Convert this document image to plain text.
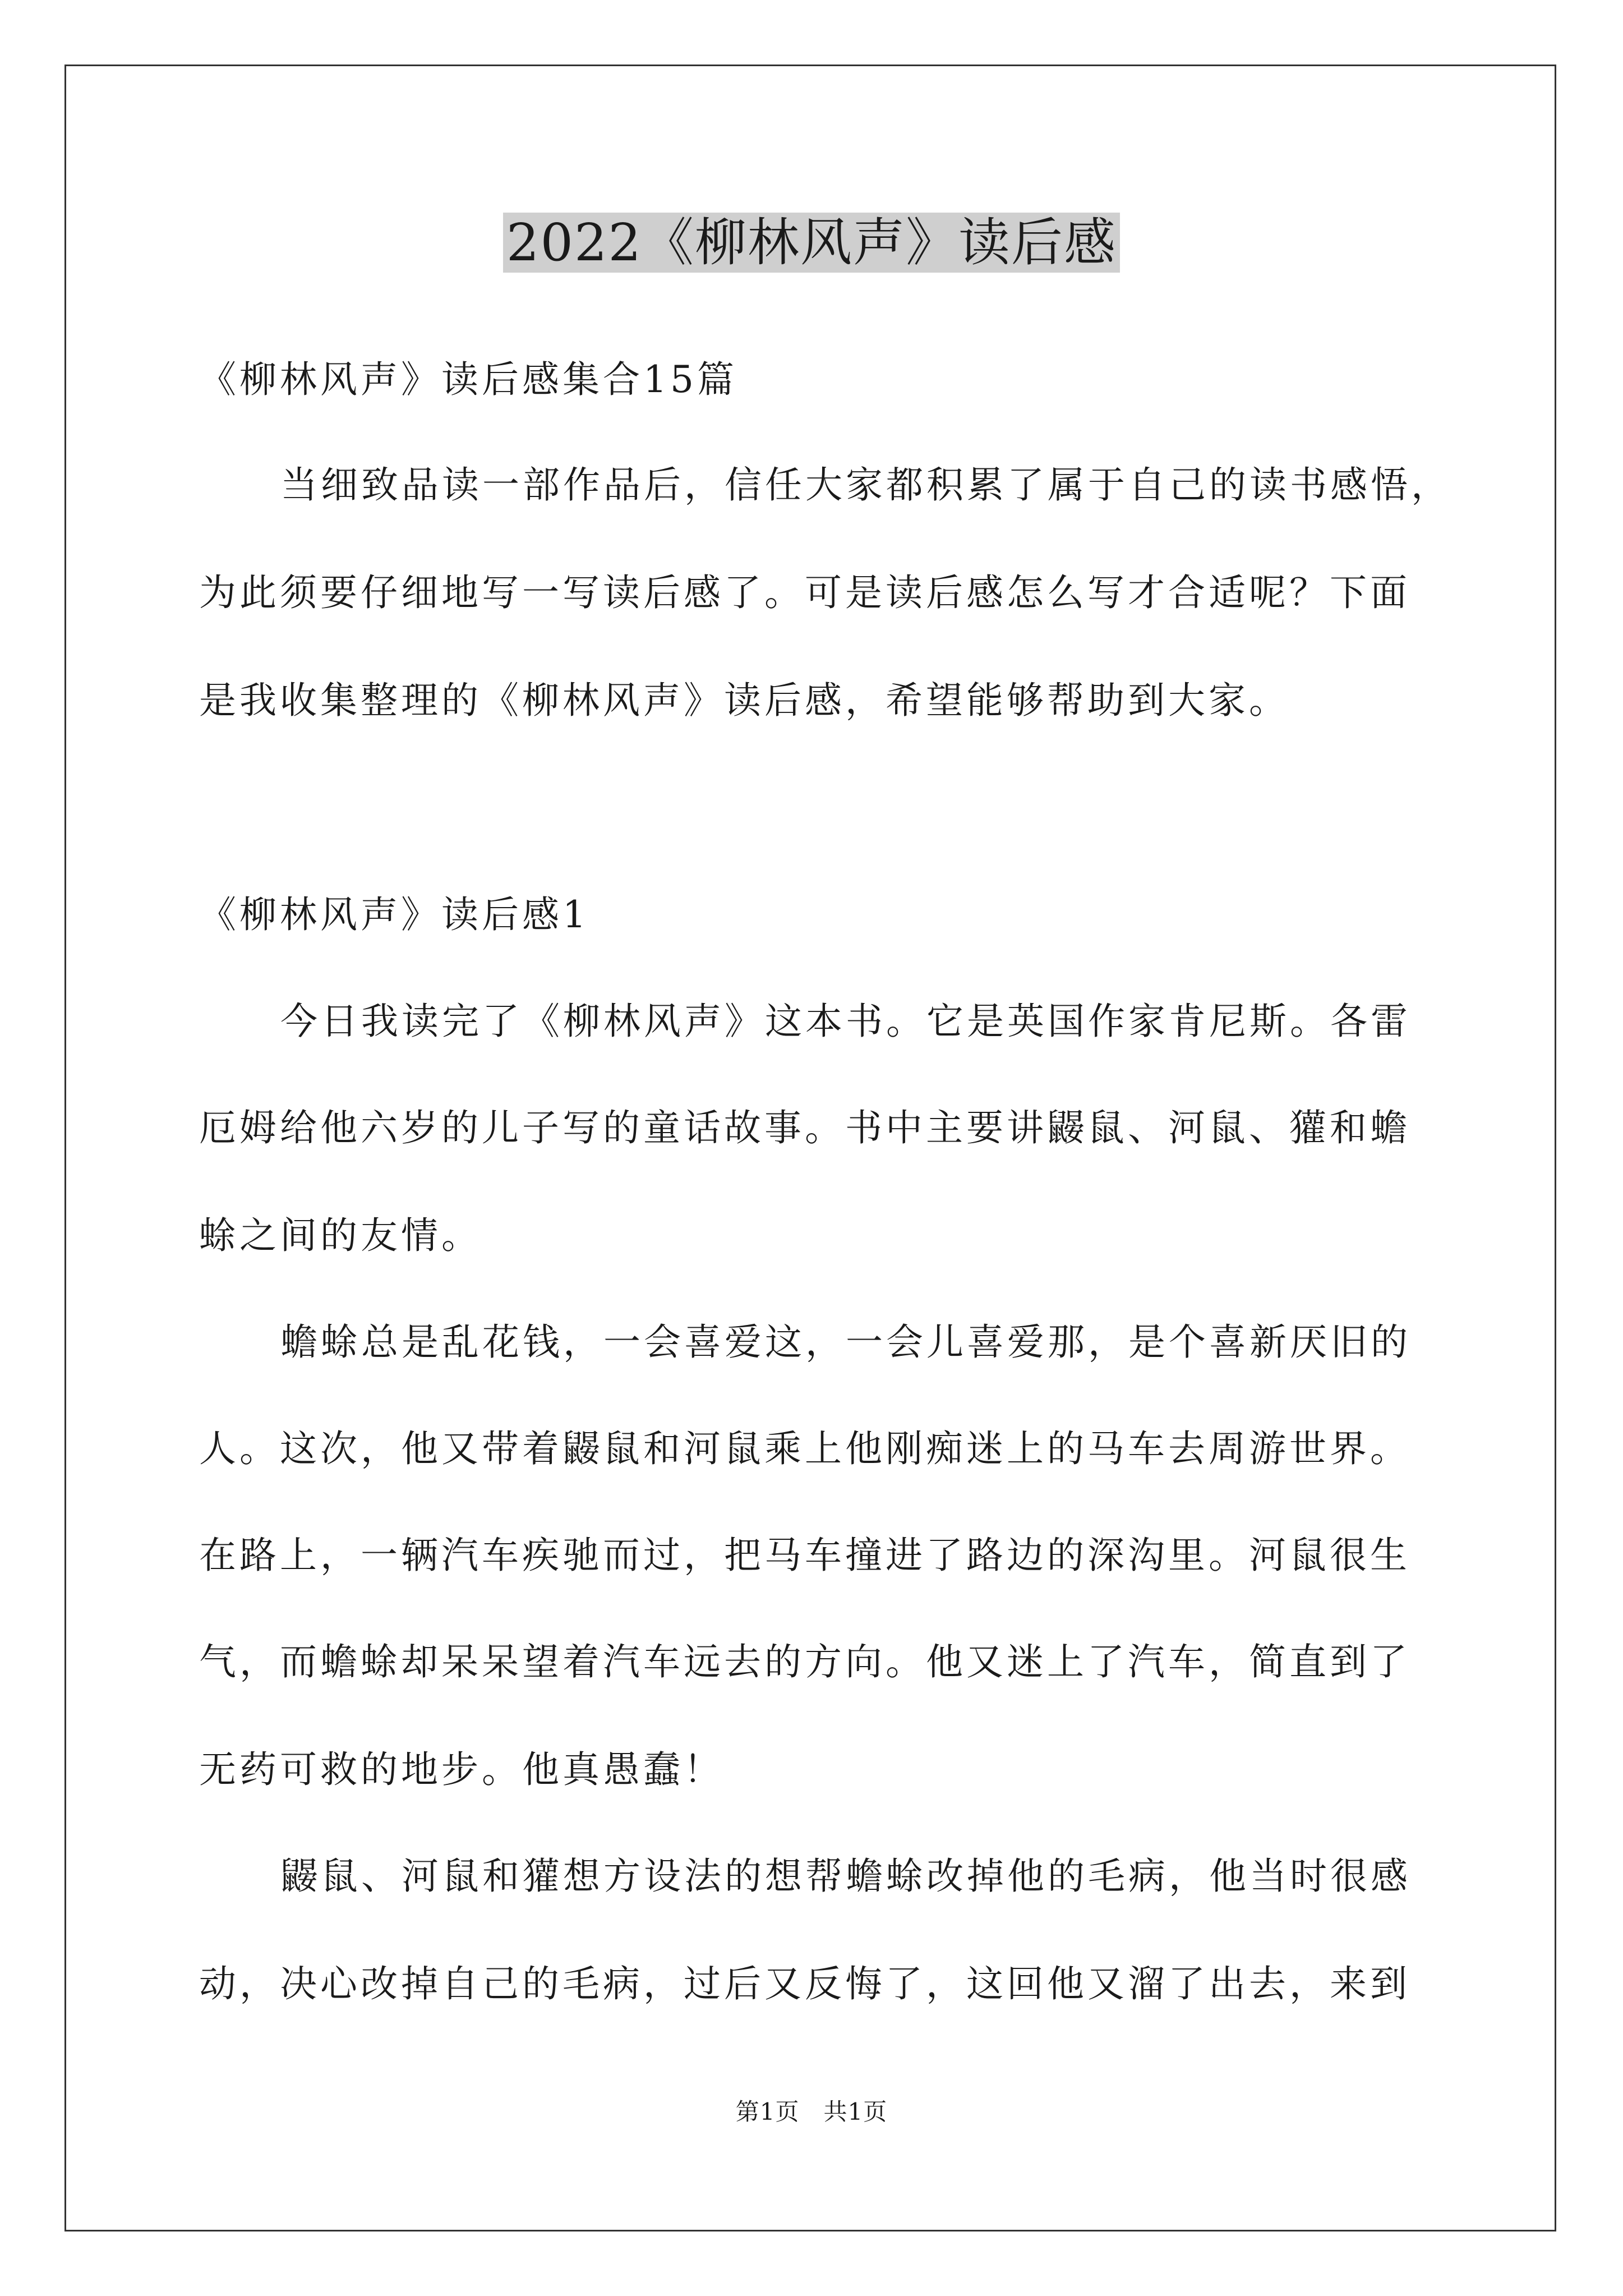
2022《柳林风声》读后感
《柳林风声》读后感集合15篇
当细致品读一部作品后，信任大家都积累了属于自己的读书感悟，
为此须要仔细地写一写读后感了。可是读后感怎么写才合适呢？下面
是我收集整理的《柳林风声》读后感，希望能够帮助到大家。
《柳林风声》读后感1
今日我读完了《柳林风声》这本书。它是英国作家肯尼斯。各雷
厄姆给他六岁的儿子写的童话故事。书中主要讲鼹鼠、河鼠、獾和蟾
蜍之间的友情。
蟾蜍总是乱花钱，一会喜爱这，一会儿喜爱那，是个喜新厌旧的
人。这次，他又带着鼹鼠和河鼠乘上他刚痴迷上的马车去周游世界。
在路上，一辆汽车疾驰而过，把马车撞进了路边的深沟里。河鼠很生
气，而蟾蜍却呆呆望着汽车远去的方向。他又迷上了汽车，简直到了
无药可救的地步。他真愚蠢！
鼹鼠、河鼠和獾想方设法的想帮蟾蜍改掉他的毛病，他当时很感
动，决心改掉自己的毛病，过后又反悔了，这回他又溜了出去，来到
第1页　共1页
